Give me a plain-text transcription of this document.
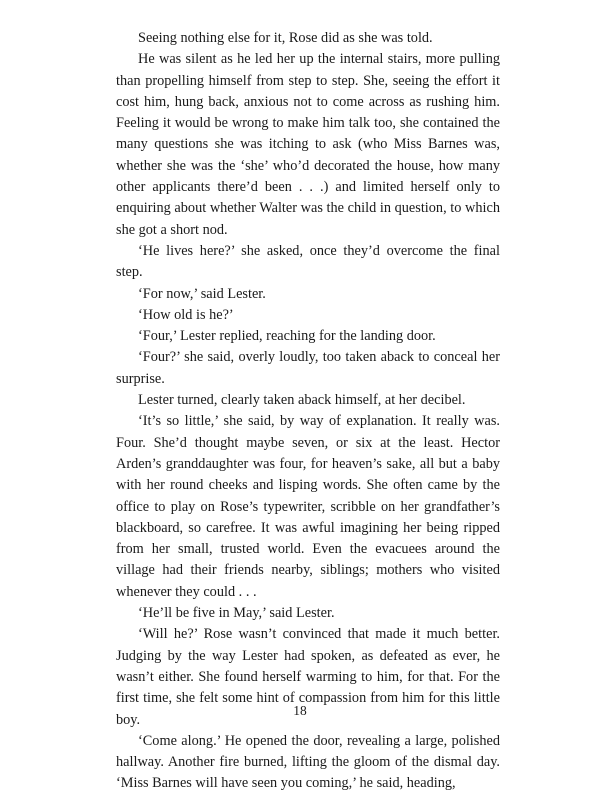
Seeing nothing else for it, Rose did as she was told.

He was silent as he led her up the internal stairs, more pulling than propelling himself from step to step. She, seeing the effort it cost him, hung back, anxious not to come across as rushing him. Feeling it would be wrong to make him talk too, she contained the many questions she was itching to ask (who Miss Barnes was, whether she was the ‘she’ who’d decorated the house, how many other applicants there’d been . . .) and limited herself only to enquiring about whether Walter was the child in question, to which she got a short nod.

‘He lives here?’ she asked, once they’d overcome the final step.

‘For now,’ said Lester.

‘How old is he?’

‘Four,’ Lester replied, reaching for the landing door.

‘Four?’ she said, overly loudly, too taken aback to conceal her surprise.

Lester turned, clearly taken aback himself, at her decibel.

‘It’s so little,’ she said, by way of explanation. It really was. Four. She’d thought maybe seven, or six at the least. Hector Arden’s granddaughter was four, for heaven’s sake, all but a baby with her round cheeks and lisping words. She often came by the office to play on Rose’s typewriter, scribble on her grandfather’s blackboard, so carefree. It was awful imagining her being ripped from her small, trusted world. Even the evacuees around the village had their friends nearby, siblings; mothers who visited whenever they could . . .

‘He’ll be five in May,’ said Lester.

‘Will he?’ Rose wasn’t convinced that made it much better. Judging by the way Lester had spoken, as defeated as ever, he wasn’t either. She found herself warming to him, for that. For the first time, she felt some hint of compassion from him for this little boy.

‘Come along.’ He opened the door, revealing a large, polished hallway. Another fire burned, lifting the gloom of the dismal day. ‘Miss Barnes will have seen you coming,’ he said, heading,

18
